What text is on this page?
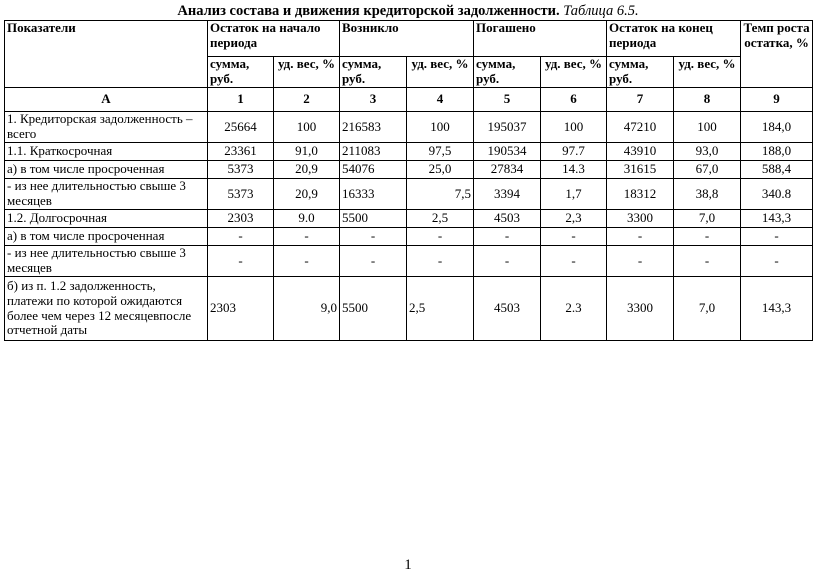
Анализ состава и движения кредиторской задолженности. Таблица 6.5.
Показатели	Остаток на начало периода		Возникло		Погашено		Остаток на конец периода		Темп роста остатка, %
	сумма, руб.	уд. вес, %	сумма, руб.	уд. вес, %	сумма, руб.	уд. вес, %	сумма, руб.	уд. вес, %	
А	1	2	3	4	5	6	7	8	9
1. Кредиторская задолженность – всего	25664	100	216583	100	195037	100	47210	100	184,0
1.1. Краткосрочная	23361	91,0	211083	97,5	190534	97.7	43910	93,0	188,0
а) в том числе просроченная	5373	20,9	54076	25,0	27834	14.3	31615	67,0	588,4
- из нее длительностью свыше 3 месяцев	5373	20,9	16333	7,5	3394	1,7	18312	38,8	340.8
1.2. Долгосрочная	2303	9.0	5500	2,5	4503	2,3	3300	7,0	143,3
а) в том числе просроченная	-	-	-	-	-	-	-	-	-
- из нее длительностью свыше 3 месяцев	-	-	-	-	-	-	-	-	-
б) из п. 1.2 задолженность, платежи по которой ожидаются более чем через 12 месяцевпосле отчетной даты	2303	9,0	5500	2,5	4503	2.3	3300	7,0	143,3
1
